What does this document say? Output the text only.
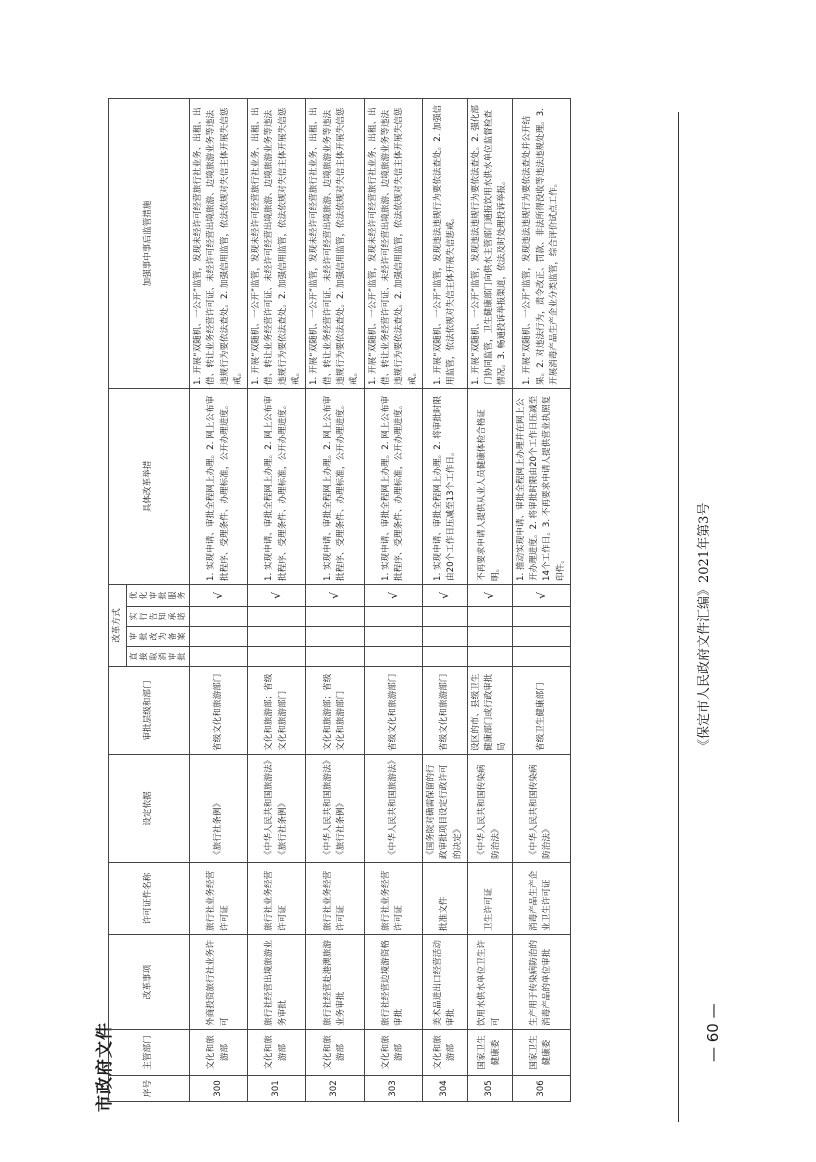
《保定市人民政府文件汇编》2021年第3号
市政府文件	— 60 —
序号	主管部门	改革事项	许可证件名称	设定依据	审批层级和部门	改革方式				具体改革举措	加强事中事后监管措施
						直接取消审批	审批改为备案	实行告知承诺	优化审批服务		
300	文化和旅游部	外商投资旅行社业务许可	旅行社业务经营许可证	《旅行社条例》	省级文化和旅游部门				√	1. 实现申请、审批全程网上办理。2. 网上公布审批程序、受理条件、办理标准，公开办理进度。	1. 开展“双随机、一公开”监管，发现未经许可经营旅行社业务、出租、出借、转让业务经营许可证、未经许可经营出境旅游、边境旅游业务等违法违规行为要依法查处。2. 加强信用监管，依法依规对失信主体开展失信惩戒。
301	文化和旅游部	旅行社经营出境旅游业务审批	旅行社业务经营许可证	《中华人民共和国旅游法》《旅行社条例》	文化和旅游部；省级文化和旅游部门				√	1. 实现申请、审批全程网上办理。2. 网上公布审批程序、受理条件、办理标准，公开办理进度。	1. 开展“双随机、一公开”监管，发现未经许可经营旅行社业务、出租、出借、转让业务经营许可证、未经许可经营出境旅游、边境旅游业务等违法违规行为要依法查处。2. 加强信用监管，依法依规对失信主体开展失信惩戒。
302	文化和旅游部	旅行社经营赴港澳旅游业务审批	旅行社业务经营许可证	《中华人民共和国旅游法》《旅行社条例》	文化和旅游部；省级文化和旅游部门				√	1. 实现申请、审批全程网上办理。2. 网上公布审批程序、受理条件、办理标准，公开办理进度。	1. 开展“双随机、一公开”监管，发现未经许可经营旅行社业务、出租、出借、转让业务经营许可证、未经许可经营出境旅游、边境旅游业务等违法违规行为要依法查处。2. 加强信用监管，依法依规对失信主体开展失信惩戒。
303	文化和旅游部	旅行社经营边境游资格审批	旅行社业务经营许可证	《中华人民共和国旅游法》	省级文化和旅游部门				√	1. 实现申请、审批全程网上办理。2. 网上公布审批程序、受理条件、办理标准，公开办理进度。	1. 开展“双随机、一公开”监管，发现未经许可经营旅行社业务、出租、出借、转让业务经营许可证、未经许可经营出境旅游、边境旅游业务等违法违规行为要依法查处。2. 加强信用监管，依法依规对失信主体开展失信惩戒。
304	文化和旅游部	美术品进出口经营活动审批	批准文件	《国务院对确需保留的行政审批项目设定行政许可的决定》	省级文化和旅游部门				√	1. 实现申请、审批全程网上办理。2. 将审批时限由20个工作日压减至13个工作日。	1. 开展“双随机、一公开”监管，发现违法违规行为要依法查处。2. 加强信用监管，依法依规对失信主体开展失信惩戒。
305	国家卫生健康委	饮用水供水单位卫生许可	卫生许可证	《中华人民共和国传染病防治法》	设区的市、县级卫生健康部门或行政审批局				√	不再要求申请人提供从业人员健康体检合格证明。	1. 开展“双随机、一公开”监管，发现违法违规行为要依法查处。2. 强化部门协同监管，卫生健康部门向供水主管部门通报饮用水供水单位监督检查情况。3. 畅通投诉举报渠道，依法及时处理投诉举报。
306	国家卫生健康委	生产用于传染病防治的消毒产品的单位审批	消毒产品生产企业卫生许可证	《中华人民共和国传染病防治法》	省级卫生健康部门				√	1. 推动实现申请、审批全程网上办理并在网上公开办理进度。2. 将审批时限由20个工作日压减至14个工作日。3. 不再要求申请人提供营业执照复印件。	1. 开展“双随机、一公开”监管，发现违法违规行为要依法查处并公开结果。2. 对违法行为，责令改正、罚款、非法所得没收等违法违规处理。3. 开展消毒产品生产企业分类监管，综合评价试点工作。
